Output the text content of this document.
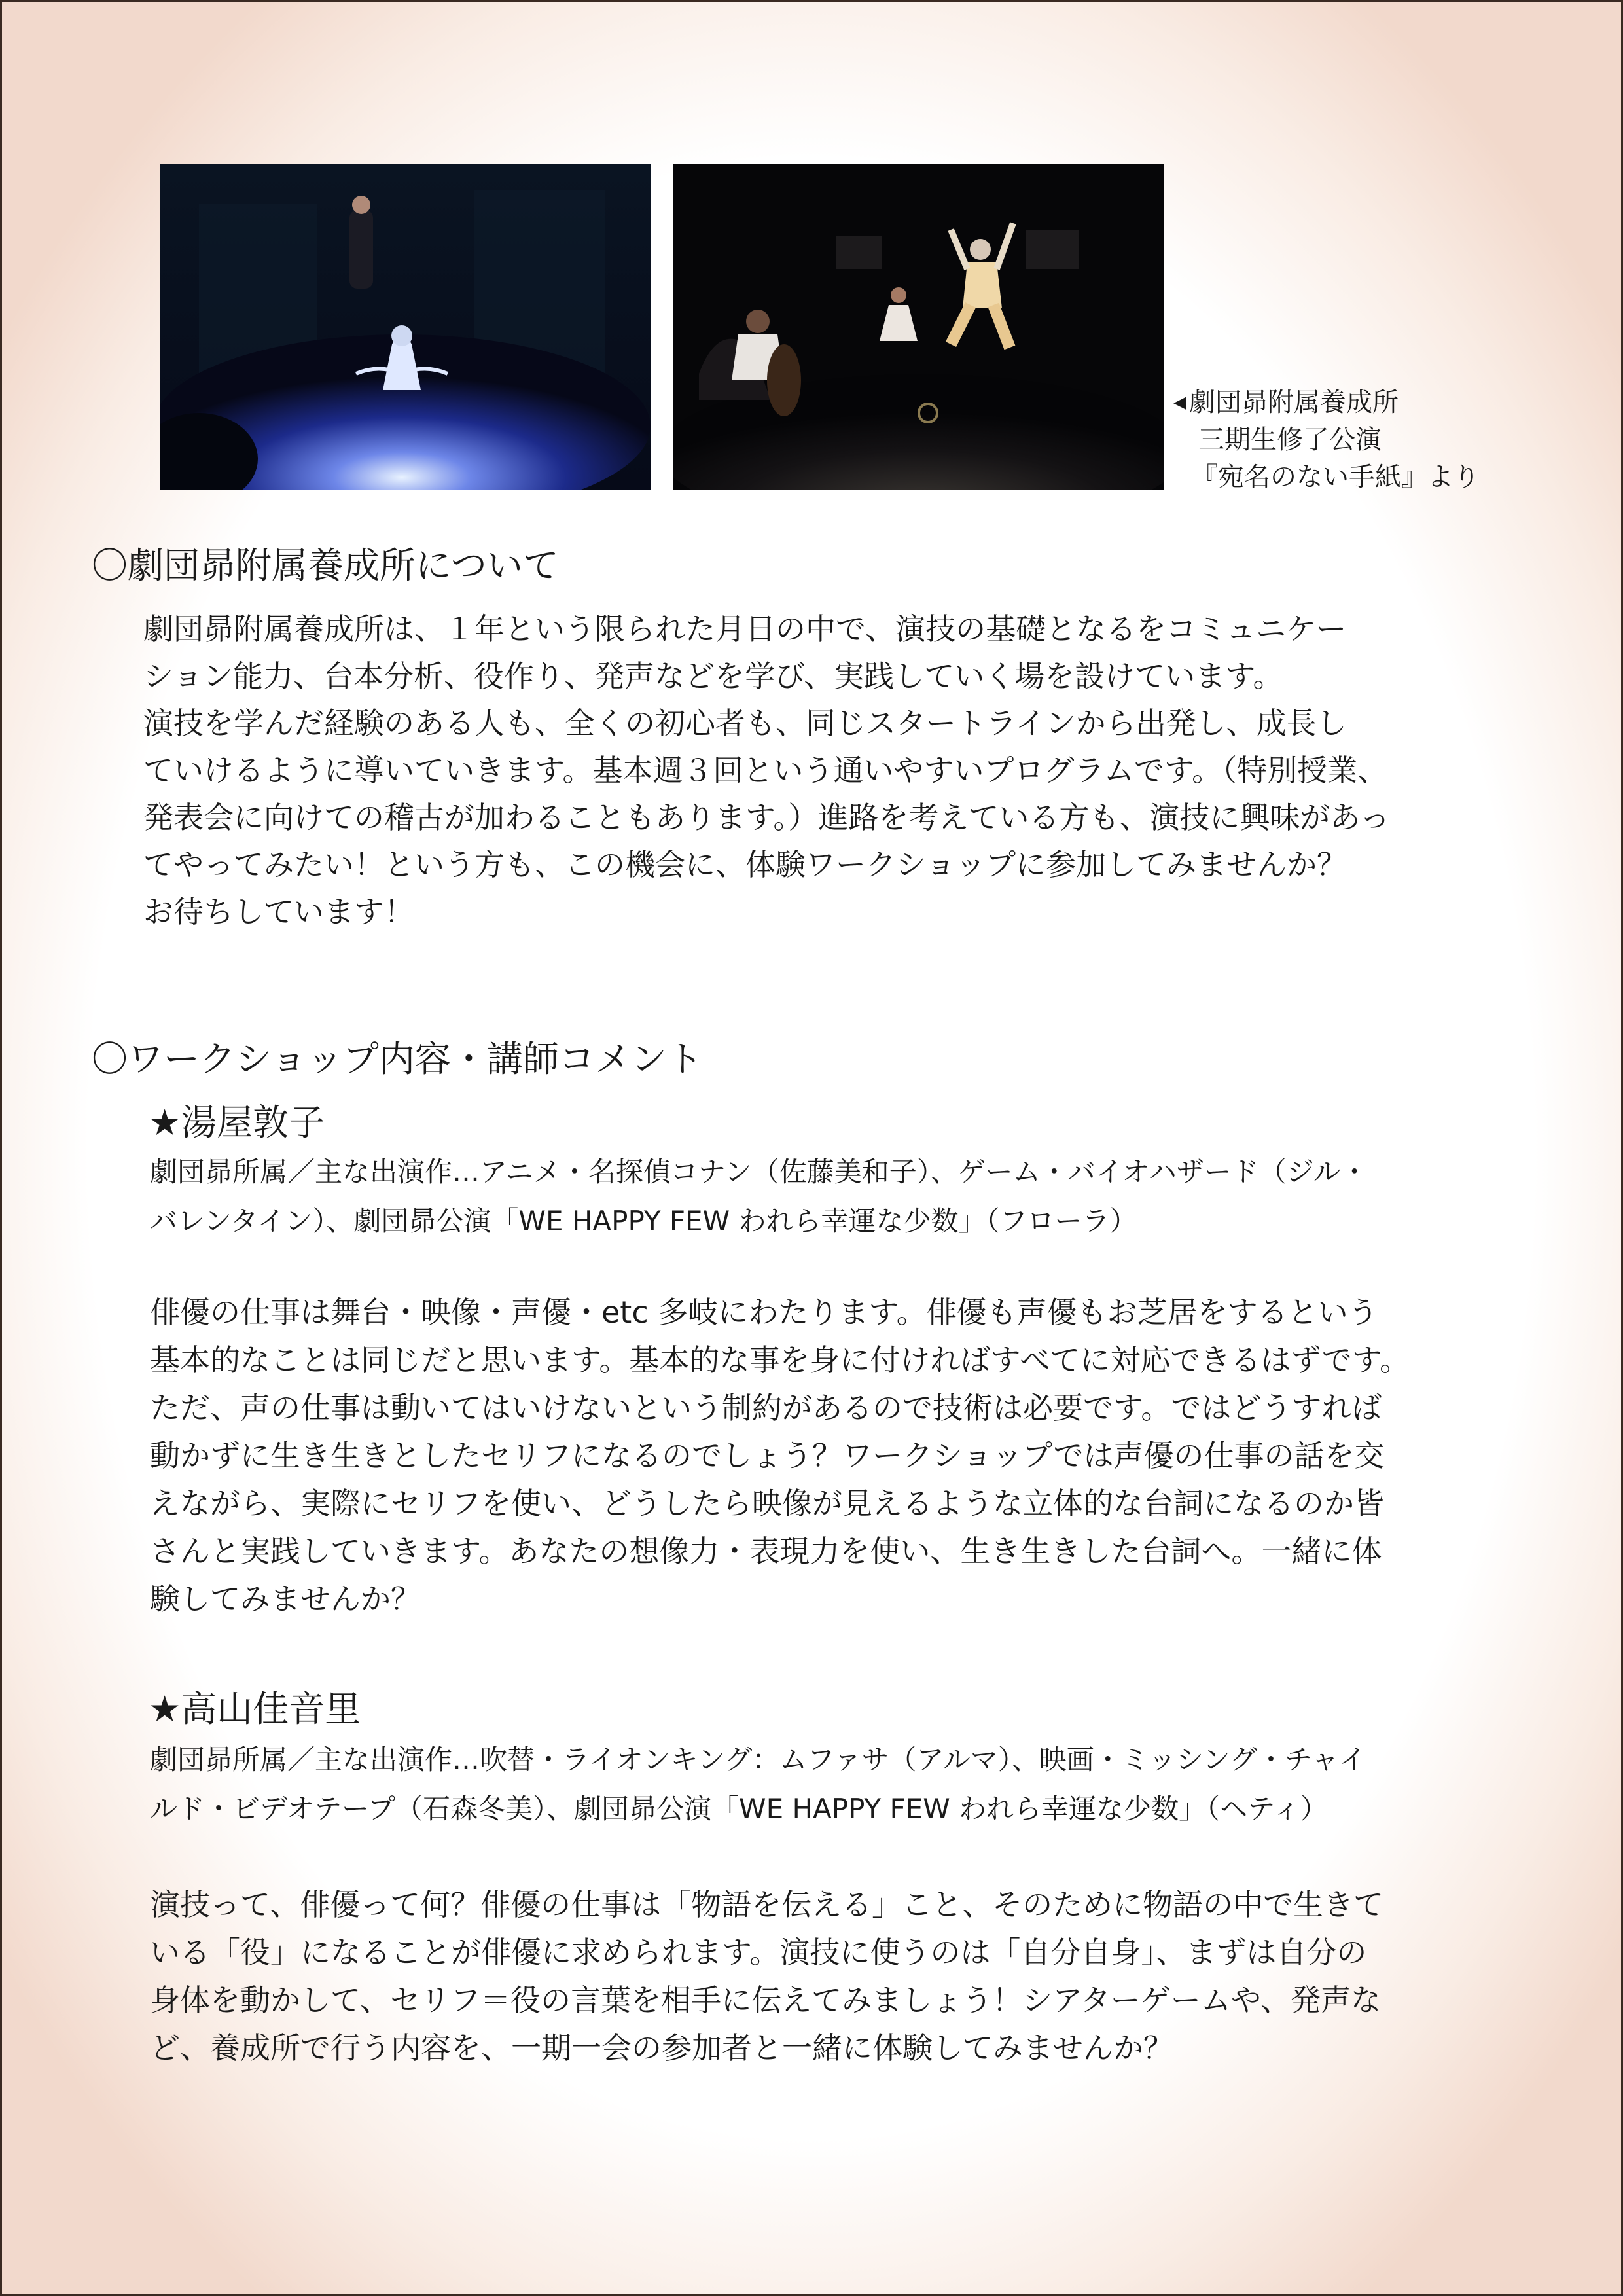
◀ 劇団昴附属養成所
三期生修了公演
『宛名のない手紙』より
〇劇団昴附属養成所について
劇団昴附属養成所は、１年という限られた月日の中で、演技の基礎となるをコミュニケー
ション能力、台本分析、役作り、発声などを学び、実践していく場を設けています。
演技を学んだ経験のある人も、全くの初心者も、同じスタートラインから出発し、成長し
ていけるように導いていきます。基本週３回という通いやすいプログラムです。（特別授業、
発表会に向けての稽古が加わることもあります。）進路を考えている方も、演技に興味があっ
てやってみたい！という方も、この機会に、体験ワークショップに参加してみませんか？
お待ちしています！
〇ワークショップ内容・講師コメント
★湯屋敦子
劇団昴所属／主な出演作…アニメ・名探偵コナン（佐藤美和子）、ゲーム・バイオハザード（ジル・
バレンタイン）、劇団昴公演「WE HAPPY FEW われら幸運な少数」（フローラ）
俳優の仕事は舞台・映像・声優・etc 多岐にわたります。俳優も声優もお芝居をするという
基本的なことは同じだと思います。基本的な事を身に付ければすべてに対応できるはずです。
ただ、声の仕事は動いてはいけないという制約があるので技術は必要です。ではどうすれば
動かずに生き生きとしたセリフになるのでしょう？ワークショップでは声優の仕事の話を交
えながら、実際にセリフを使い、どうしたら映像が見えるような立体的な台詞になるのか皆
さんと実践していきます。あなたの想像力・表現力を使い、生き生きした台詞へ。一緒に体
験してみませんか？
★高山佳音里
劇団昴所属／主な出演作…吹替・ライオンキング：ムファサ（アルマ）、映画・ミッシング・チャイ
ルド・ビデオテープ（石森冬美）、劇団昴公演「WE HAPPY FEW われら幸運な少数」（ヘティ）
演技って、俳優って何？俳優の仕事は「物語を伝える」こと、そのために物語の中で生きて
いる「役」になることが俳優に求められます。演技に使うのは「自分自身」、まずは自分の
身体を動かして、セリフ＝役の言葉を相手に伝えてみましょう！シアターゲームや、発声な
ど、養成所で行う内容を、一期一会の参加者と一緒に体験してみませんか？
